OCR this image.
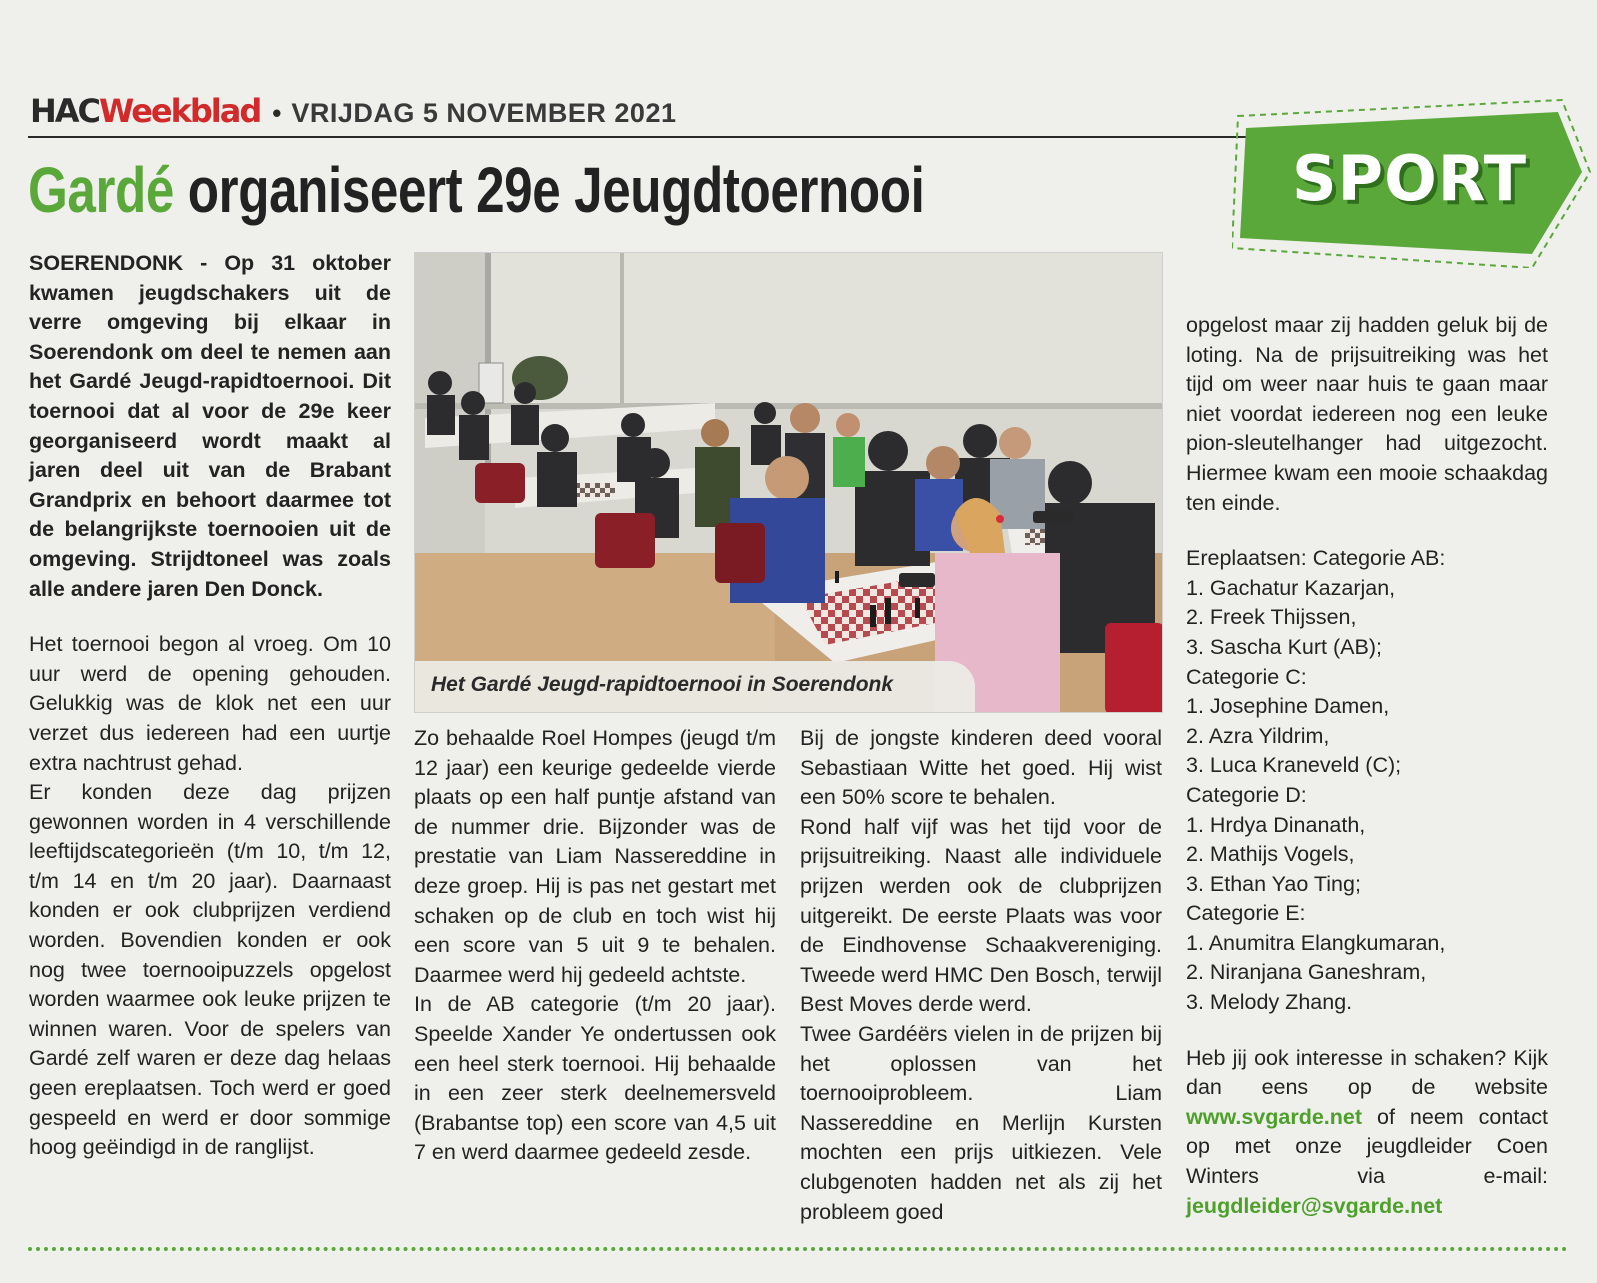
HAC Weekblad • VRIJDAG 5 NOVEMBER 2021
SPORT
Gardé organiseert 29e Jeugdtoernooi

SOERENDONK - Op 31 oktober kwamen jeugdschakers uit de verre omgeving bij elkaar in Soerendonk om deel te nemen aan het Gardé Jeugd-rapidtoernooi. Dit toernooi dat al voor de 29e keer georganiseerd wordt maakt al jaren deel uit van de Brabant Grandprix en behoort daarmee tot de belangrijkste toernooien uit de omgeving. Strijdtoneel was zoals alle andere jaren Den Donck.

Het toernooi begon al vroeg. Om 10 uur werd de opening gehouden. Gelukkig was de klok net een uur verzet dus iedereen had een uurtje extra nachtrust gehad.

Er konden deze dag prijzen gewonnen worden in 4 verschillende leeftijdscategorieën (t/m 10, t/m 12, t/m 14 en t/m 20 jaar). Daarnaast konden er ook clubprijzen verdiend worden. Bovendien konden er ook nog twee toernooipuzzels opgelost worden waarmee ook leuke prijzen te winnen waren. Voor de spelers van Gardé zelf waren er deze dag helaas geen ereplaatsen. Toch werd er goed gespeeld en werd er door sommige hoog geëindigd in de ranglijst.

Het Gardé Jeugd-rapidtoernooi in Soerendonk

Zo behaalde Roel Hompes (jeugd t/m 12 jaar) een keurige gedeelde vierde plaats op een half puntje afstand van de nummer drie. Bijzonder was de prestatie van Liam Nassereddine in deze groep. Hij is pas net gestart met schaken op de club en toch wist hij een score van 5 uit 9 te behalen. Daarmee werd hij gedeeld achtste.

In de AB categorie (t/m 20 jaar). Speelde Xander Ye ondertussen ook een heel sterk toernooi. Hij behaalde in een zeer sterk deelnemersveld (Brabantse top) een score van 4,5 uit 7 en werd daarmee gedeeld zesde.

Bij de jongste kinderen deed vooral Sebastiaan Witte het goed. Hij wist een 50% score te behalen.

Rond half vijf was het tijd voor de prijsuitreiking. Naast alle individuele prijzen werden ook de clubprijzen uitgereikt. De eerste Plaats was voor de Eindhovense Schaakvereniging. Tweede werd HMC Den Bosch, terwijl Best Moves derde werd.

Twee Gardéërs vielen in de prijzen bij het oplossen van het toernooiprobleem. Liam Nassereddine en Merlijn Kursten mochten een prijs uitkiezen. Vele clubgenoten hadden net als zij het probleem goed

opgelost maar zij hadden geluk bij de loting. Na de prijsuitreiking was het tijd om weer naar huis te gaan maar niet voordat iedereen nog een leuke pion-sleutelhanger had uitgezocht. Hiermee kwam een mooie schaakdag ten einde.

Ereplaatsen: Categorie AB:
1. Gachatur Kazarjan,
2. Freek Thijssen,
3. Sascha Kurt (AB);
Categorie C:
1. Josephine Damen,
2. Azra Yildrim,
3. Luca Kraneveld (C);
Categorie D:
1. Hrdya Dinanath,
2. Mathijs Vogels,
3. Ethan Yao Ting;
Categorie E:
1. Anumitra Elangkumaran,
2. Niranjana Ganeshram,
3. Melody Zhang.

Heb jij ook interesse in schaken? Kijk dan eens op de website www.svgarde.net of neem contact op met onze jeugdleider Coen Winters via e-mail: jeugdleider@svgarde.net
